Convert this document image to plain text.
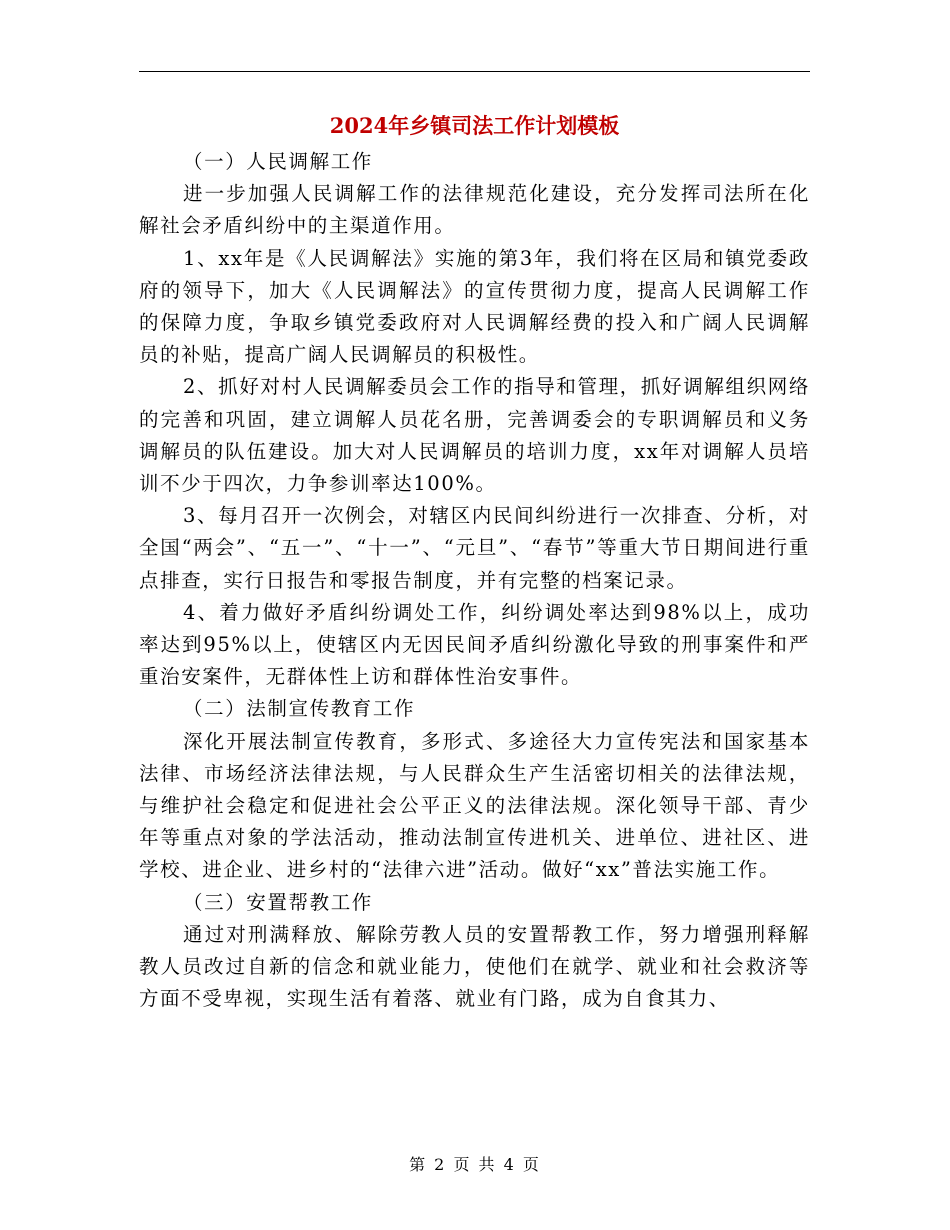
2024年乡镇司法工作计划模板

（一）人民调解工作

进一步加强人民调解工作的法律规范化建设，充分发挥司法所在化解社会矛盾纠纷中的主渠道作用。

1、xx年是《人民调解法》实施的第3年，我们将在区局和镇党委政府的领导下，加大《人民调解法》的宣传贯彻力度，提高人民调解工作的保障力度，争取乡镇党委政府对人民调解经费的投入和广阔人民调解员的补贴，提高广阔人民调解员的积极性。

2、抓好对村人民调解委员会工作的指导和管理，抓好调解组织网络的完善和巩固，建立调解人员花名册，完善调委会的专职调解员和义务调解员的队伍建设。加大对人民调解员的培训力度，xx年对调解人员培训不少于四次，力争参训率达100%。

3、每月召开一次例会，对辖区内民间纠纷进行一次排查、分析，对全国“两会”、“五一”、“十一”、“元旦”、“春节”等重大节日期间进行重点排查，实行日报告和零报告制度，并有完整的档案记录。

4、着力做好矛盾纠纷调处工作，纠纷调处率达到98%以上，成功率达到95%以上，使辖区内无因民间矛盾纠纷激化导致的刑事案件和严重治安案件，无群体性上访和群体性治安事件。

（二）法制宣传教育工作

深化开展法制宣传教育，多形式、多途径大力宣传宪法和国家基本法律、市场经济法律法规，与人民群众生产生活密切相关的法律法规，与维护社会稳定和促进社会公平正义的法律法规。深化领导干部、青少年等重点对象的学法活动，推动法制宣传进机关、进单位、进社区、进学校、进企业、进乡村的“法律六进”活动。做好“xx”普法实施工作。

（三）安置帮教工作

通过对刑满释放、解除劳教人员的安置帮教工作，努力增强刑释解教人员改过自新的信念和就业能力，使他们在就学、就业和社会救济等方面不受卑视，实现生活有着落、就业有门路，成为自食其力、

第 2 页 共 4 页
